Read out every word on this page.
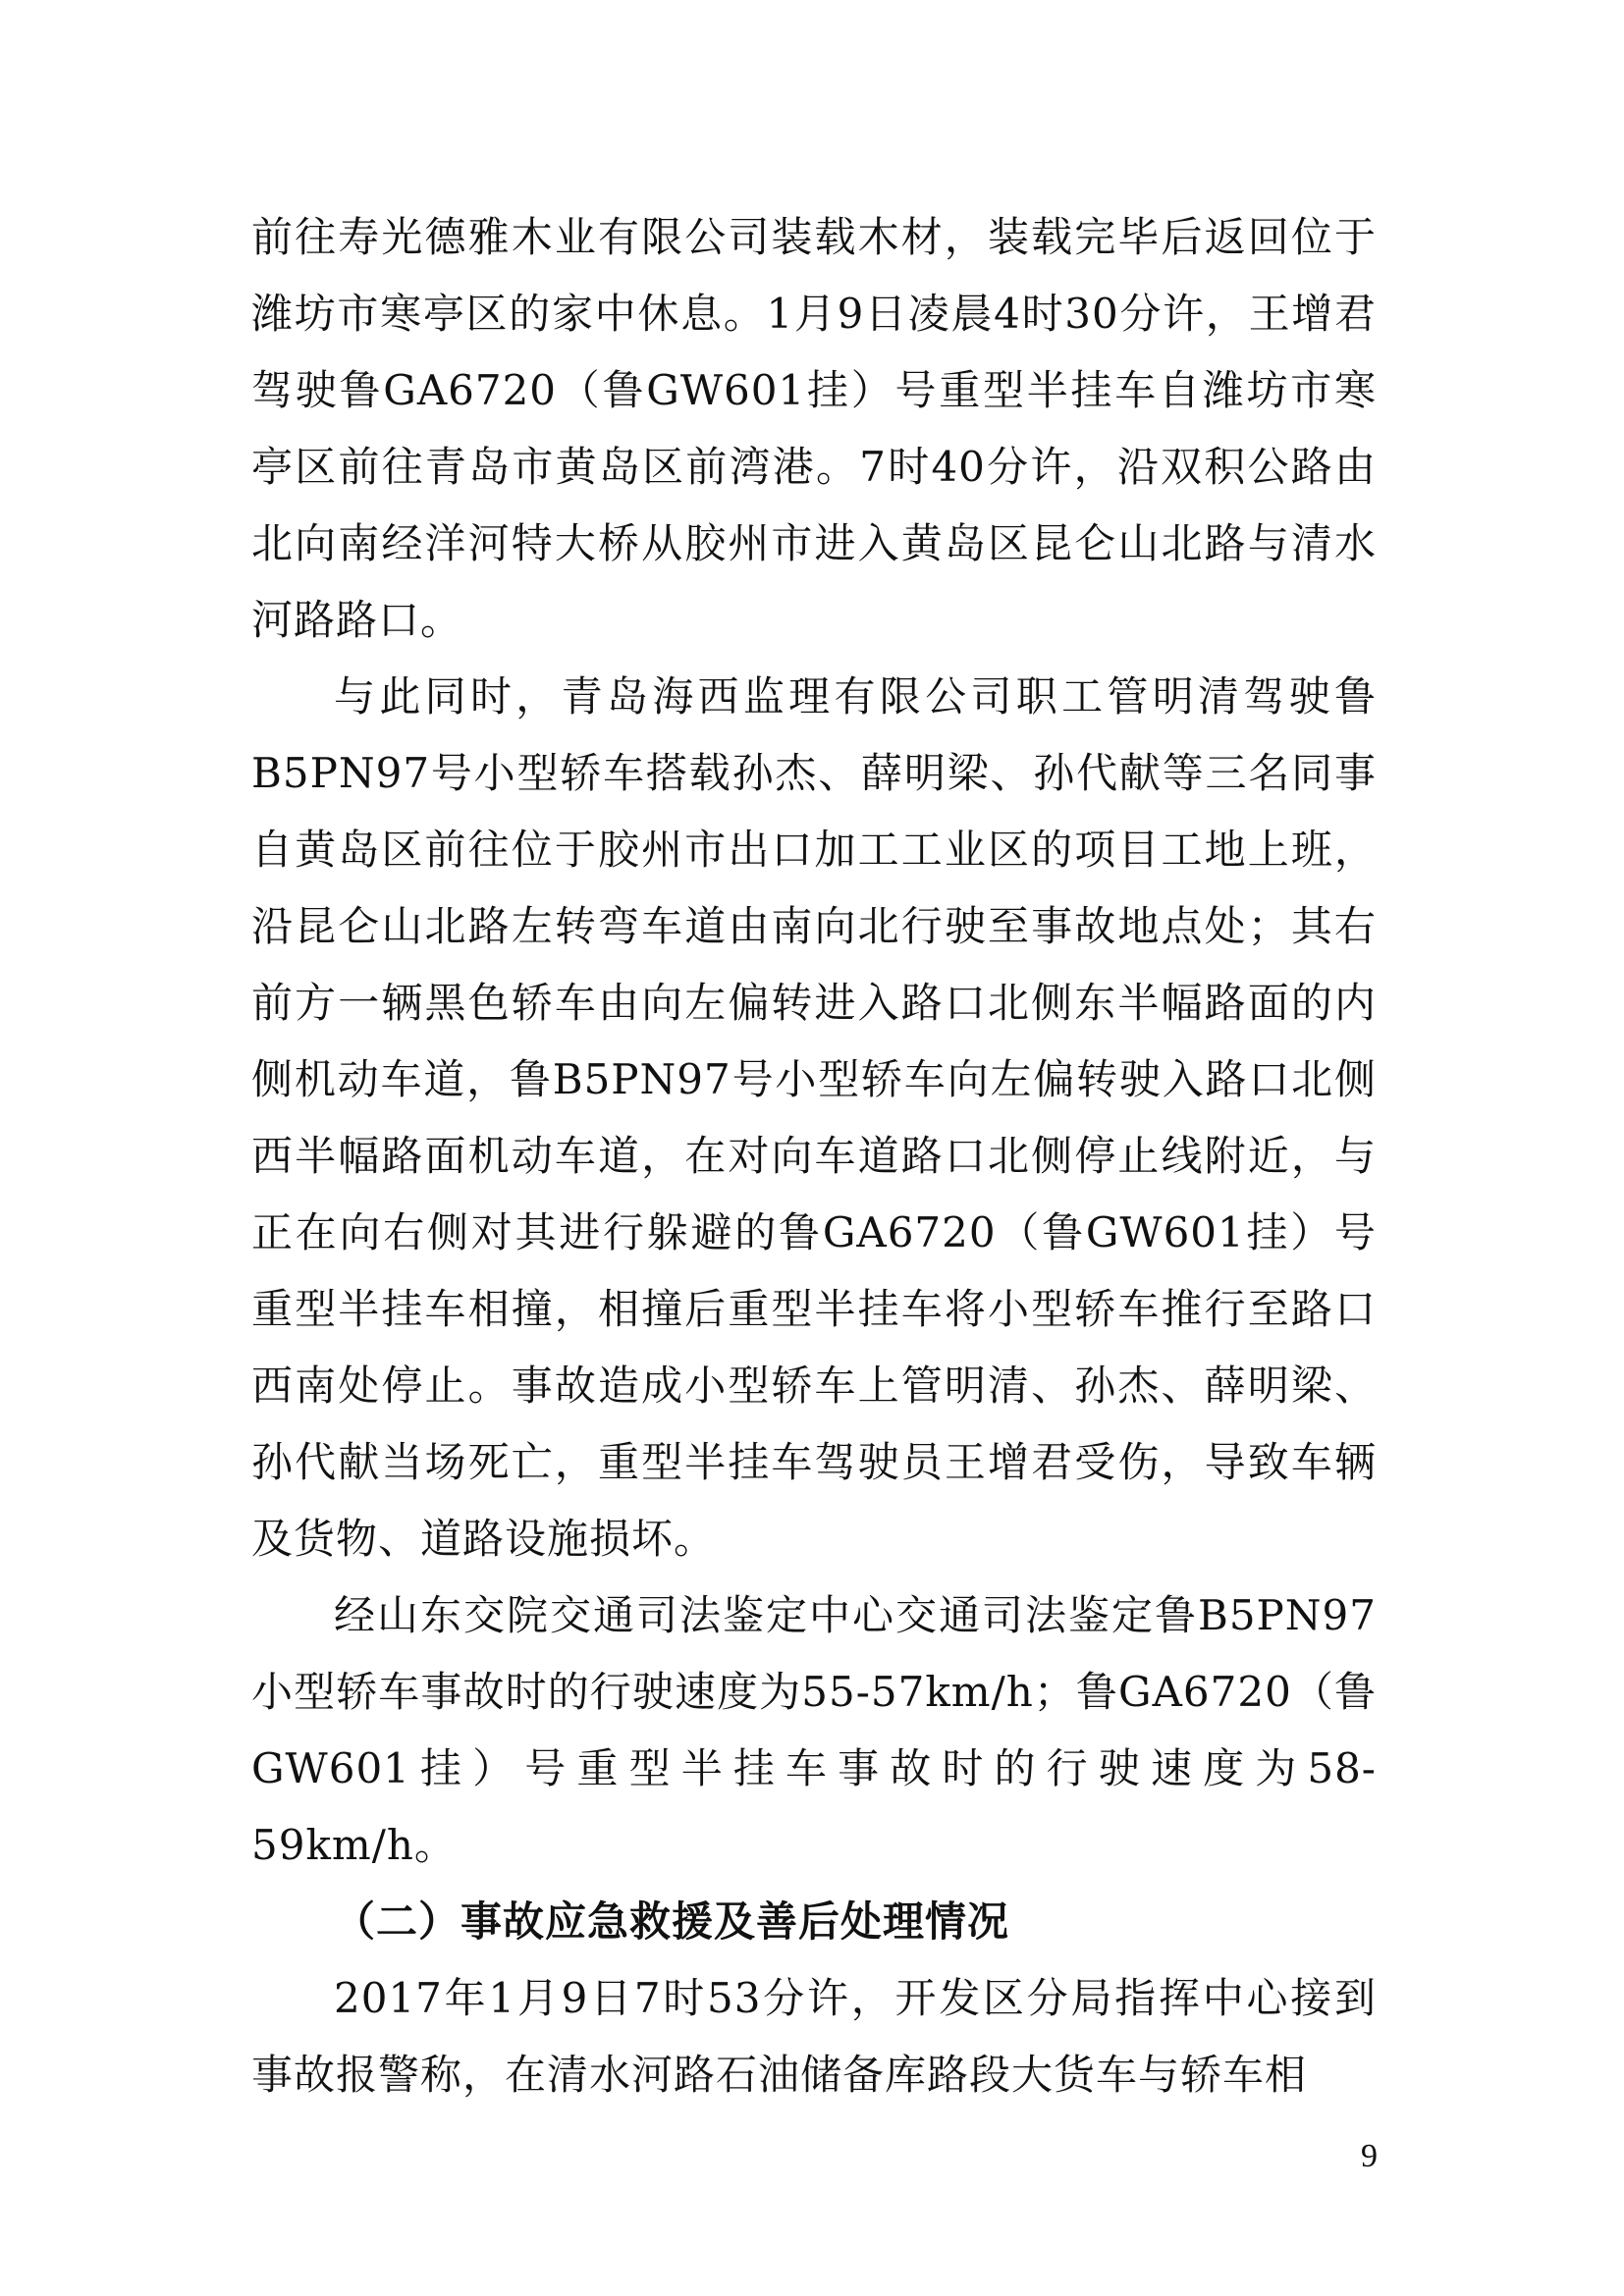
前往寿光德雅木业有限公司装载木材，装载完毕后返回位于潍坊市寒亭区的家中休息。1月9日凌晨4时30分许，王增君驾驶鲁GA6720（鲁GW601挂）号重型半挂车自潍坊市寒亭区前往青岛市黄岛区前湾港。7时40分许，沿双积公路由北向南经洋河特大桥从胶州市进入黄岛区昆仑山北路与清水河路路口。

与此同时，青岛海西监理有限公司职工管明清驾驶鲁B5PN97号小型轿车搭载孙杰、薛明梁、孙代献等三名同事自黄岛区前往位于胶州市出口加工工业区的项目工地上班，沿昆仑山北路左转弯车道由南向北行驶至事故地点处；其右前方一辆黑色轿车由向左偏转进入路口北侧东半幅路面的内侧机动车道，鲁B5PN97号小型轿车向左偏转驶入路口北侧西半幅路面机动车道，在对向车道路口北侧停止线附近，与正在向右侧对其进行躲避的鲁GA6720（鲁GW601挂）号重型半挂车相撞，相撞后重型半挂车将小型轿车推行至路口西南处停止。事故造成小型轿车上管明清、孙杰、薛明梁、孙代献当场死亡，重型半挂车驾驶员王增君受伤，导致车辆及货物、道路设施损坏。

经山东交院交通司法鉴定中心交通司法鉴定鲁B5PN97小型轿车事故时的行驶速度为55-57km/h；鲁GA6720（鲁GW601挂）号重型半挂车事故时的行驶速度为58-59km/h。

（二）事故应急救援及善后处理情况

2017年1月9日7时53分许，开发区分局指挥中心接到事故报警称，在清水河路石油储备库路段大货车与轿车相

9
